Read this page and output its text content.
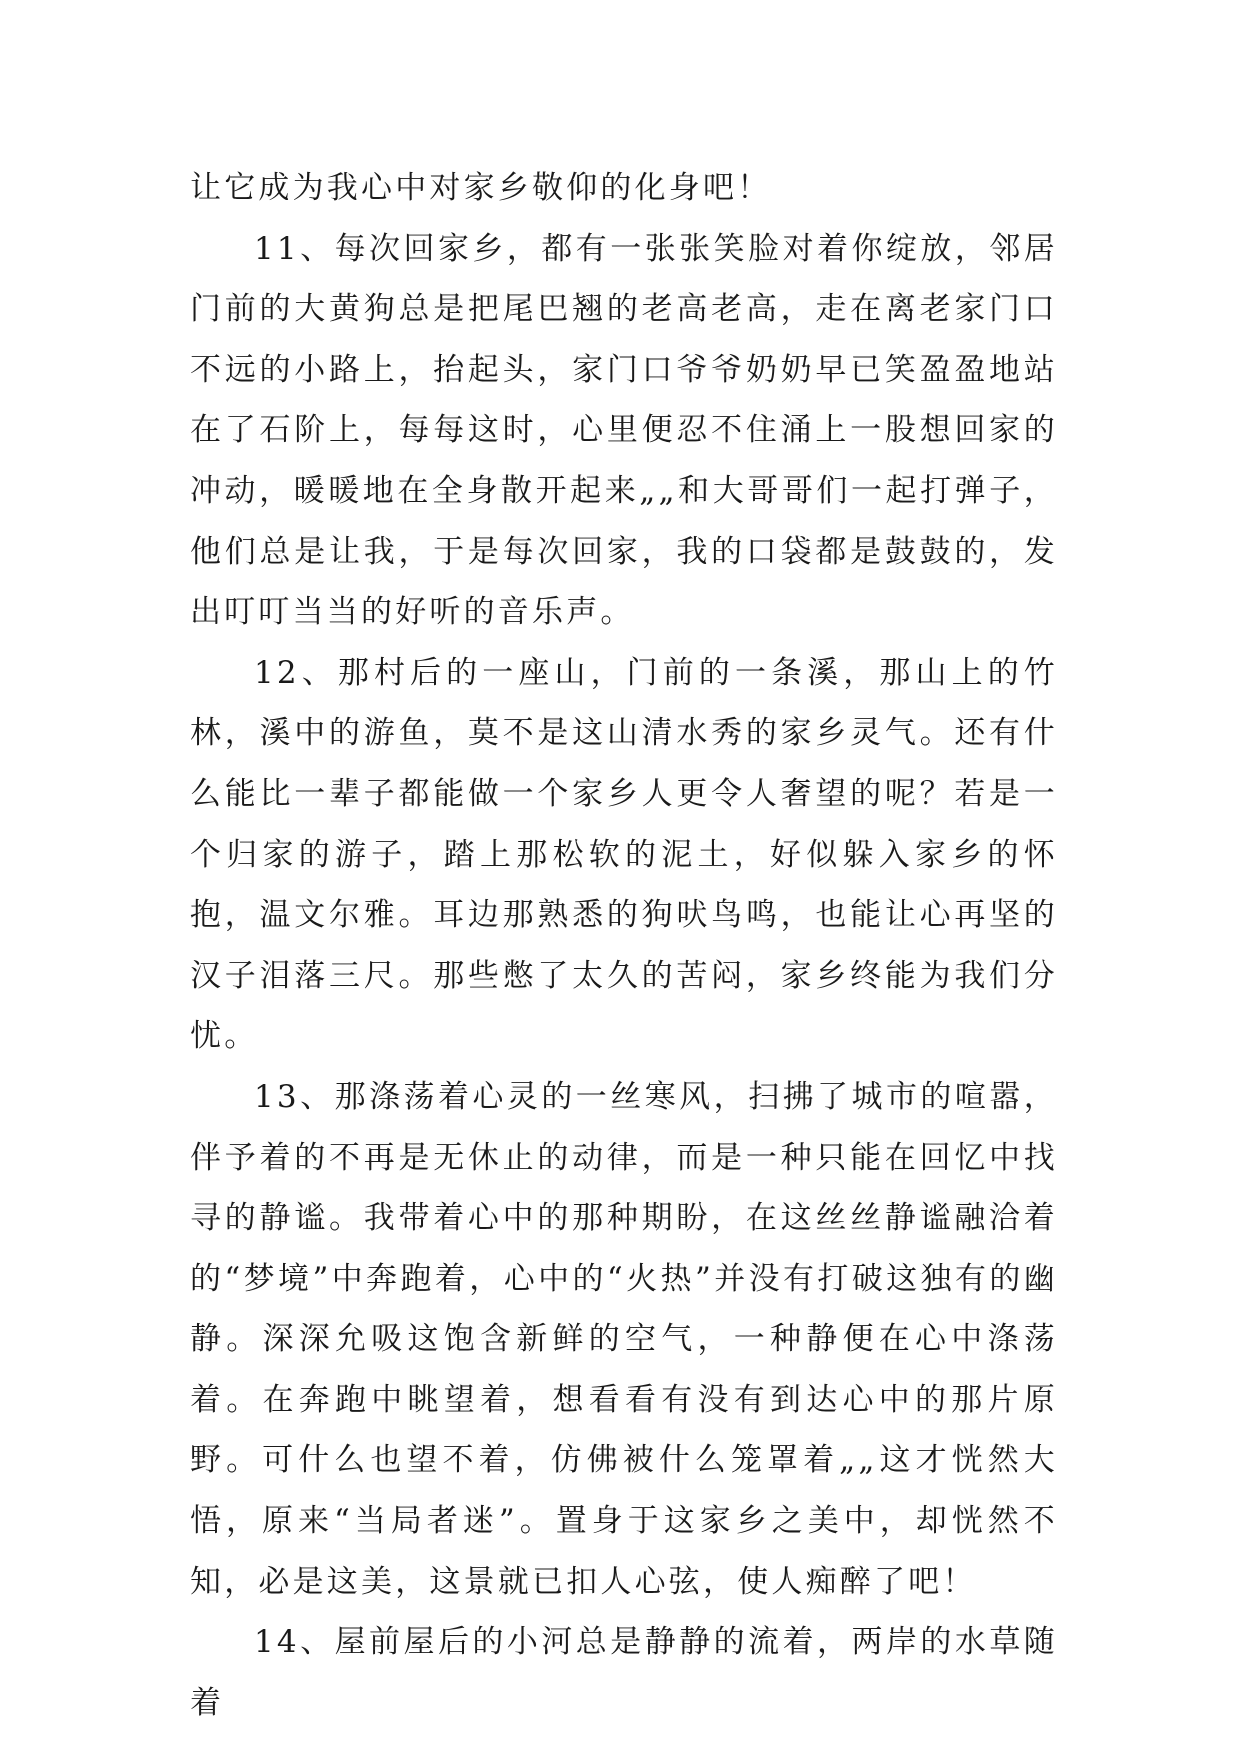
让它成为我心中对家乡敬仰的化身吧！

11、每次回家乡，都有一张张笑脸对着你绽放，邻居门前的大黄狗总是把尾巴翘的老高老高，走在离老家门口不远的小路上，抬起头，家门口爷爷奶奶早已笑盈盈地站在了石阶上，每每这时，心里便忍不住涌上一股想回家的冲动，暖暖地在全身散开起来„„和大哥哥们一起打弹子，他们总是让我，于是每次回家，我的口袋都是鼓鼓的，发出叮叮当当的好听的音乐声。

12、那村后的一座山，门前的一条溪，那山上的竹林，溪中的游鱼，莫不是这山清水秀的家乡灵气。还有什么能比一辈子都能做一个家乡人更令人奢望的呢？若是一个归家的游子，踏上那松软的泥土，好似躲入家乡的怀抱，温文尔雅。耳边那熟悉的狗吠鸟鸣，也能让心再坚的汉子泪落三尺。那些憋了太久的苦闷，家乡终能为我们分忧。

13、那涤荡着心灵的一丝寒风，扫拂了城市的喧嚣，伴予着的不再是无休止的动律，而是一种只能在回忆中找寻的静谧。我带着心中的那种期盼，在这丝丝静谧融洽着的“梦境”中奔跑着，心中的“火热”并没有打破这独有的幽静。深深允吸这饱含新鲜的空气，一种静便在心中涤荡着。在奔跑中眺望着，想看看有没有到达心中的那片原野。可什么也望不着，仿佛被什么笼罩着„„这才恍然大悟，原来“当局者迷”。置身于这家乡之美中，却恍然不知，必是这美，这景就已扣人心弦，使人痴醉了吧！

14、屋前屋后的小河总是静静的流着，两岸的水草随着
